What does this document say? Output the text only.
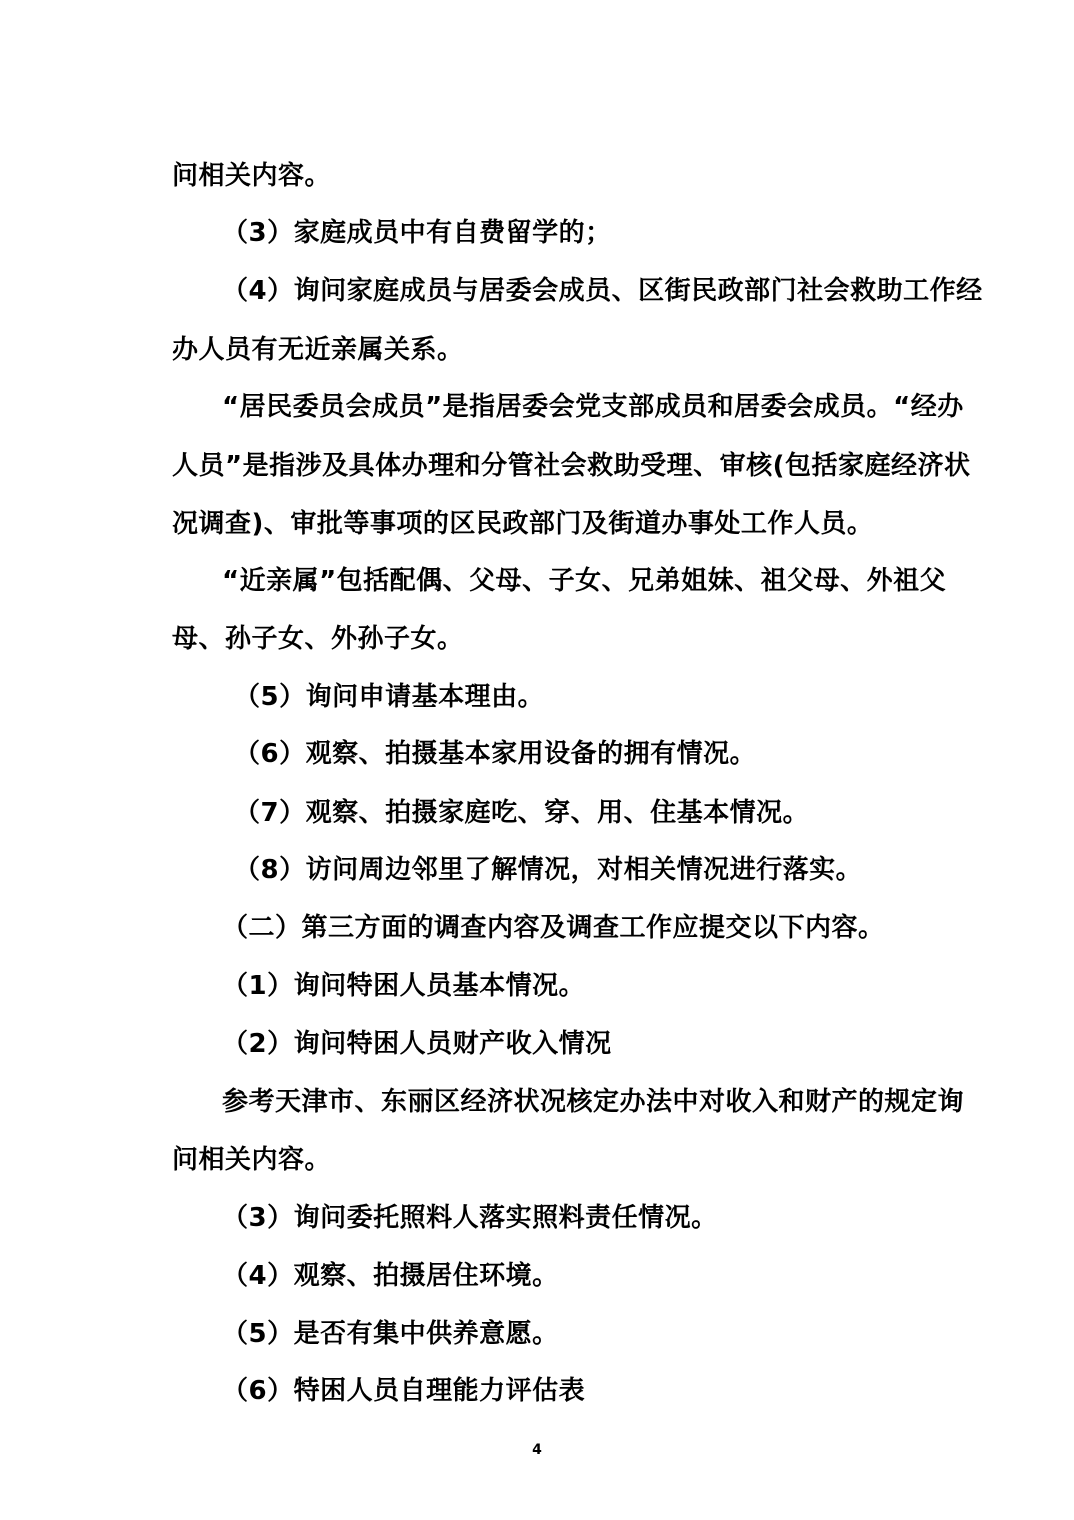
问相关内容。
（3）家庭成员中有自费留学的；
（4）询问家庭成员与居委会成员、区街民政部门社会救助工作经
办人员有无近亲属关系。
“居民委员会成员”是指居委会党支部成员和居委会成员。“经办
人员”是指涉及具体办理和分管社会救助受理、审核(包括家庭经济状
况调查)、审批等事项的区民政部门及街道办事处工作人员。
“近亲属”包括配偶、父母、子女、兄弟姐妹、祖父母、外祖父
母、孙子女、外孙子女。
（5）询问申请基本理由。
（6）观察、拍摄基本家用设备的拥有情况。
（7）观察、拍摄家庭吃、穿、用、住基本情况。
（8）访问周边邻里了解情况，对相关情况进行落实。
（二）第三方面的调查内容及调查工作应提交以下内容。
（1）询问特困人员基本情况。
（2）询问特困人员财产收入情况
参考天津市、东丽区经济状况核定办法中对收入和财产的规定询
问相关内容。
（3）询问委托照料人落实照料责任情况。
（4）观察、拍摄居住环境。
（5）是否有集中供养意愿。
（6）特困人员自理能力评估表
4
